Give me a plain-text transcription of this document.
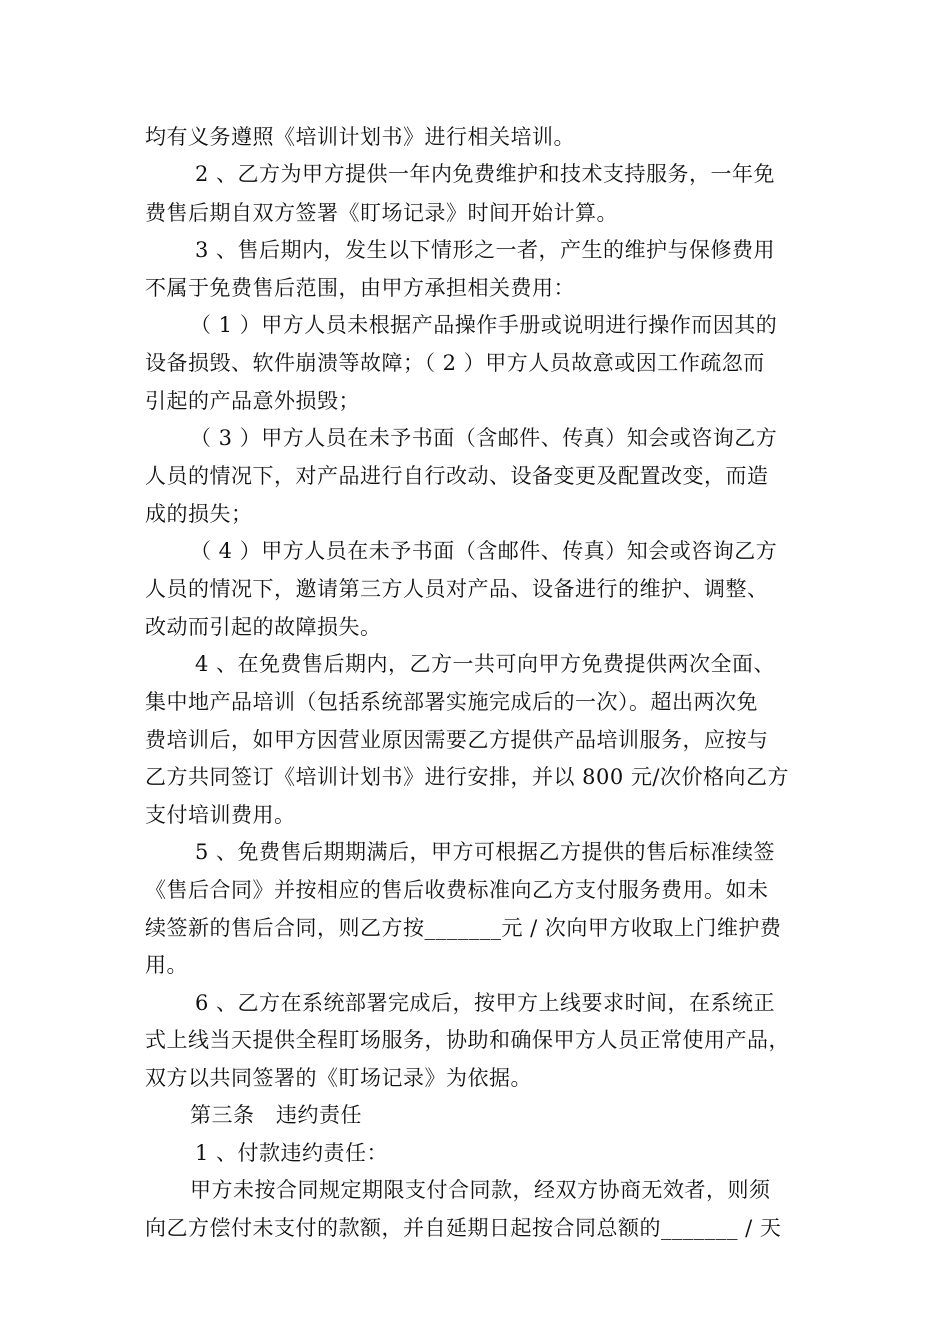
均有义务遵照《培训计划书》进行相关培训。
2 、乙方为甲方提供一年内免费维护和技术支持服务，一年免
费售后期自双方签署《盯场记录》时间开始计算。
3 、售后期内，发生以下情形之一者，产生的维护与保修费用
不属于免费售后范围，由甲方承担相关费用：
（ 1 ）甲方人员未根据产品操作手册或说明进行操作而因其的
设备损毁、软件崩溃等故障；（ 2 ）甲方人员故意或因工作疏忽而
引起的产品意外损毁；
（ 3 ）甲方人员在未予书面（含邮件、传真）知会或咨询乙方
人员的情况下，对产品进行自行改动、设备变更及配置改变，而造
成的损失；
（ 4 ）甲方人员在未予书面（含邮件、传真）知会或咨询乙方
人员的情况下，邀请第三方人员对产品、设备进行的维护、调整、
改动而引起的故障损失。
4 、在免费售后期内，乙方一共可向甲方免费提供两次全面、
集中地产品培训（包括系统部署实施完成后的一次）。超出两次免
费培训后，如甲方因营业原因需要乙方提供产品培训服务，应按与
乙方共同签订《培训计划书》进行安排，并以 800 元/次价格向乙方
支付培训费用。
5 、免费售后期期满后，甲方可根据乙方提供的售后标准续签
《售后合同》并按相应的售后收费标准向乙方支付服务费用。如未
续签新的售后合同，则乙方按_______元 / 次向甲方收取上门维护费
用。
6 、乙方在系统部署完成后，按甲方上线要求时间，在系统正
式上线当天提供全程盯场服务，协助和确保甲方人员正常使用产品，
双方以共同签署的《盯场记录》为依据。
第三条　违约责任
1 、付款违约责任：
甲方未按合同规定期限支付合同款，经双方协商无效者，则须
向乙方偿付未支付的款额，并自延期日起按合同总额的_______ / 天
